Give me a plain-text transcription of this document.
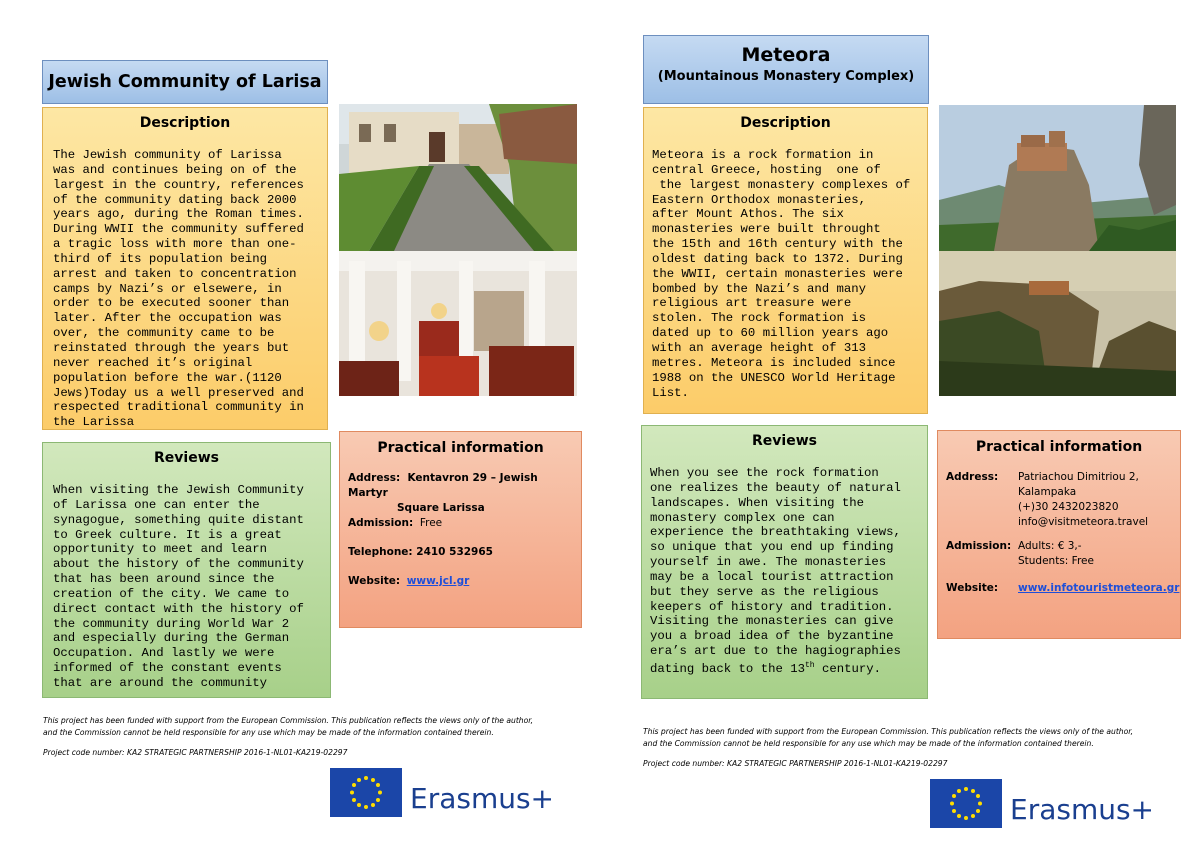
Jewish Community of Larisa
Description
The Jewish community of Larissa
was and continues being on of the
largest in the country, references
of the community dating back 2000
years ago, during the Roman times.
During WWII the community suffered
a tragic loss with more than one-
third of its population being
arrest and taken to concentration
camps by Nazi’s or elsewere, in
order to be executed sooner than
later. After the occupation was
over, the community came to be
reinstated through the years but
never reached it’s original
population before the war.(1120
Jews)Today us a well preserved and
respected traditional community in
the Larissa
Reviews
When visiting the Jewish Community
of Larissa one can enter the
synagogue, something quite distant
to Greek culture. It is a great
opportunity to meet and learn
about the history of the community
that has been around since the
creation of the city. We came to
direct contact with the history of
the community during World War 2
and especially during the German
Occupation. And lastly we were
informed of the constant events
that are around the community
Practical information
Address: Kentavron 29 – Jewish Martyr
Square Larissa
Admission: Free
Telephone: 2410 532965
Website: www.jcl.gr
This project has been funded with support from the European Commission. This publication reflects the views only of the author,
and the Commission cannot be held responsible for any use which may be made of the information contained therein.
Project code number: KA2 STRATEGIC PARTNERSHIP 2016-1-NL01-KA219-02297
Erasmus+
Meteora
(Mountainous Monastery Complex)
Description
Meteora is a rock formation in
central Greece, hosting  one of
the largest monastery complexes of
Eastern Orthodox monasteries,
after Mount Athos. The six
monasteries were built throught
the 15th and 16th century with the
oldest dating back to 1372. During
the WWII, certain monasteries were
bombed by the Nazi’s and many
religious art treasure were
stolen. The rock formation is
dated up to 60 million years ago
with an average height of 313
metres. Meteora is included since
1988 on the UNESCO World Heritage
List.
Reviews
When you see the rock formation
one realizes the beauty of natural
landscapes. When visiting the
monastery complex one can
experience the breathtaking views,
so unique that you end up finding
yourself in awe. The monasteries
may be a local tourist attraction
but they serve as the religious
keepers of history and tradition.
Visiting the monasteries can give
you a broad idea of the byzantine
era’s art due to the hagiographies
dating back to the 13th century.
Practical information
Address:	Patriachou Dimitriou 2,
Kalampaka
(+)30 2432023820
info@visitmeteora.travel
Admission: Adults: € 3,-
Students: Free
Website:	www.infotouristmeteora.gr
This project has been funded with support from the European Commission. This publication reflects the views only of the author,
and the Commission cannot be held responsible for any use which may be made of the information contained therein.
Project code number: KA2 STRATEGIC PARTNERSHIP 2016-1-NL01-KA219-02297
Erasmus+
